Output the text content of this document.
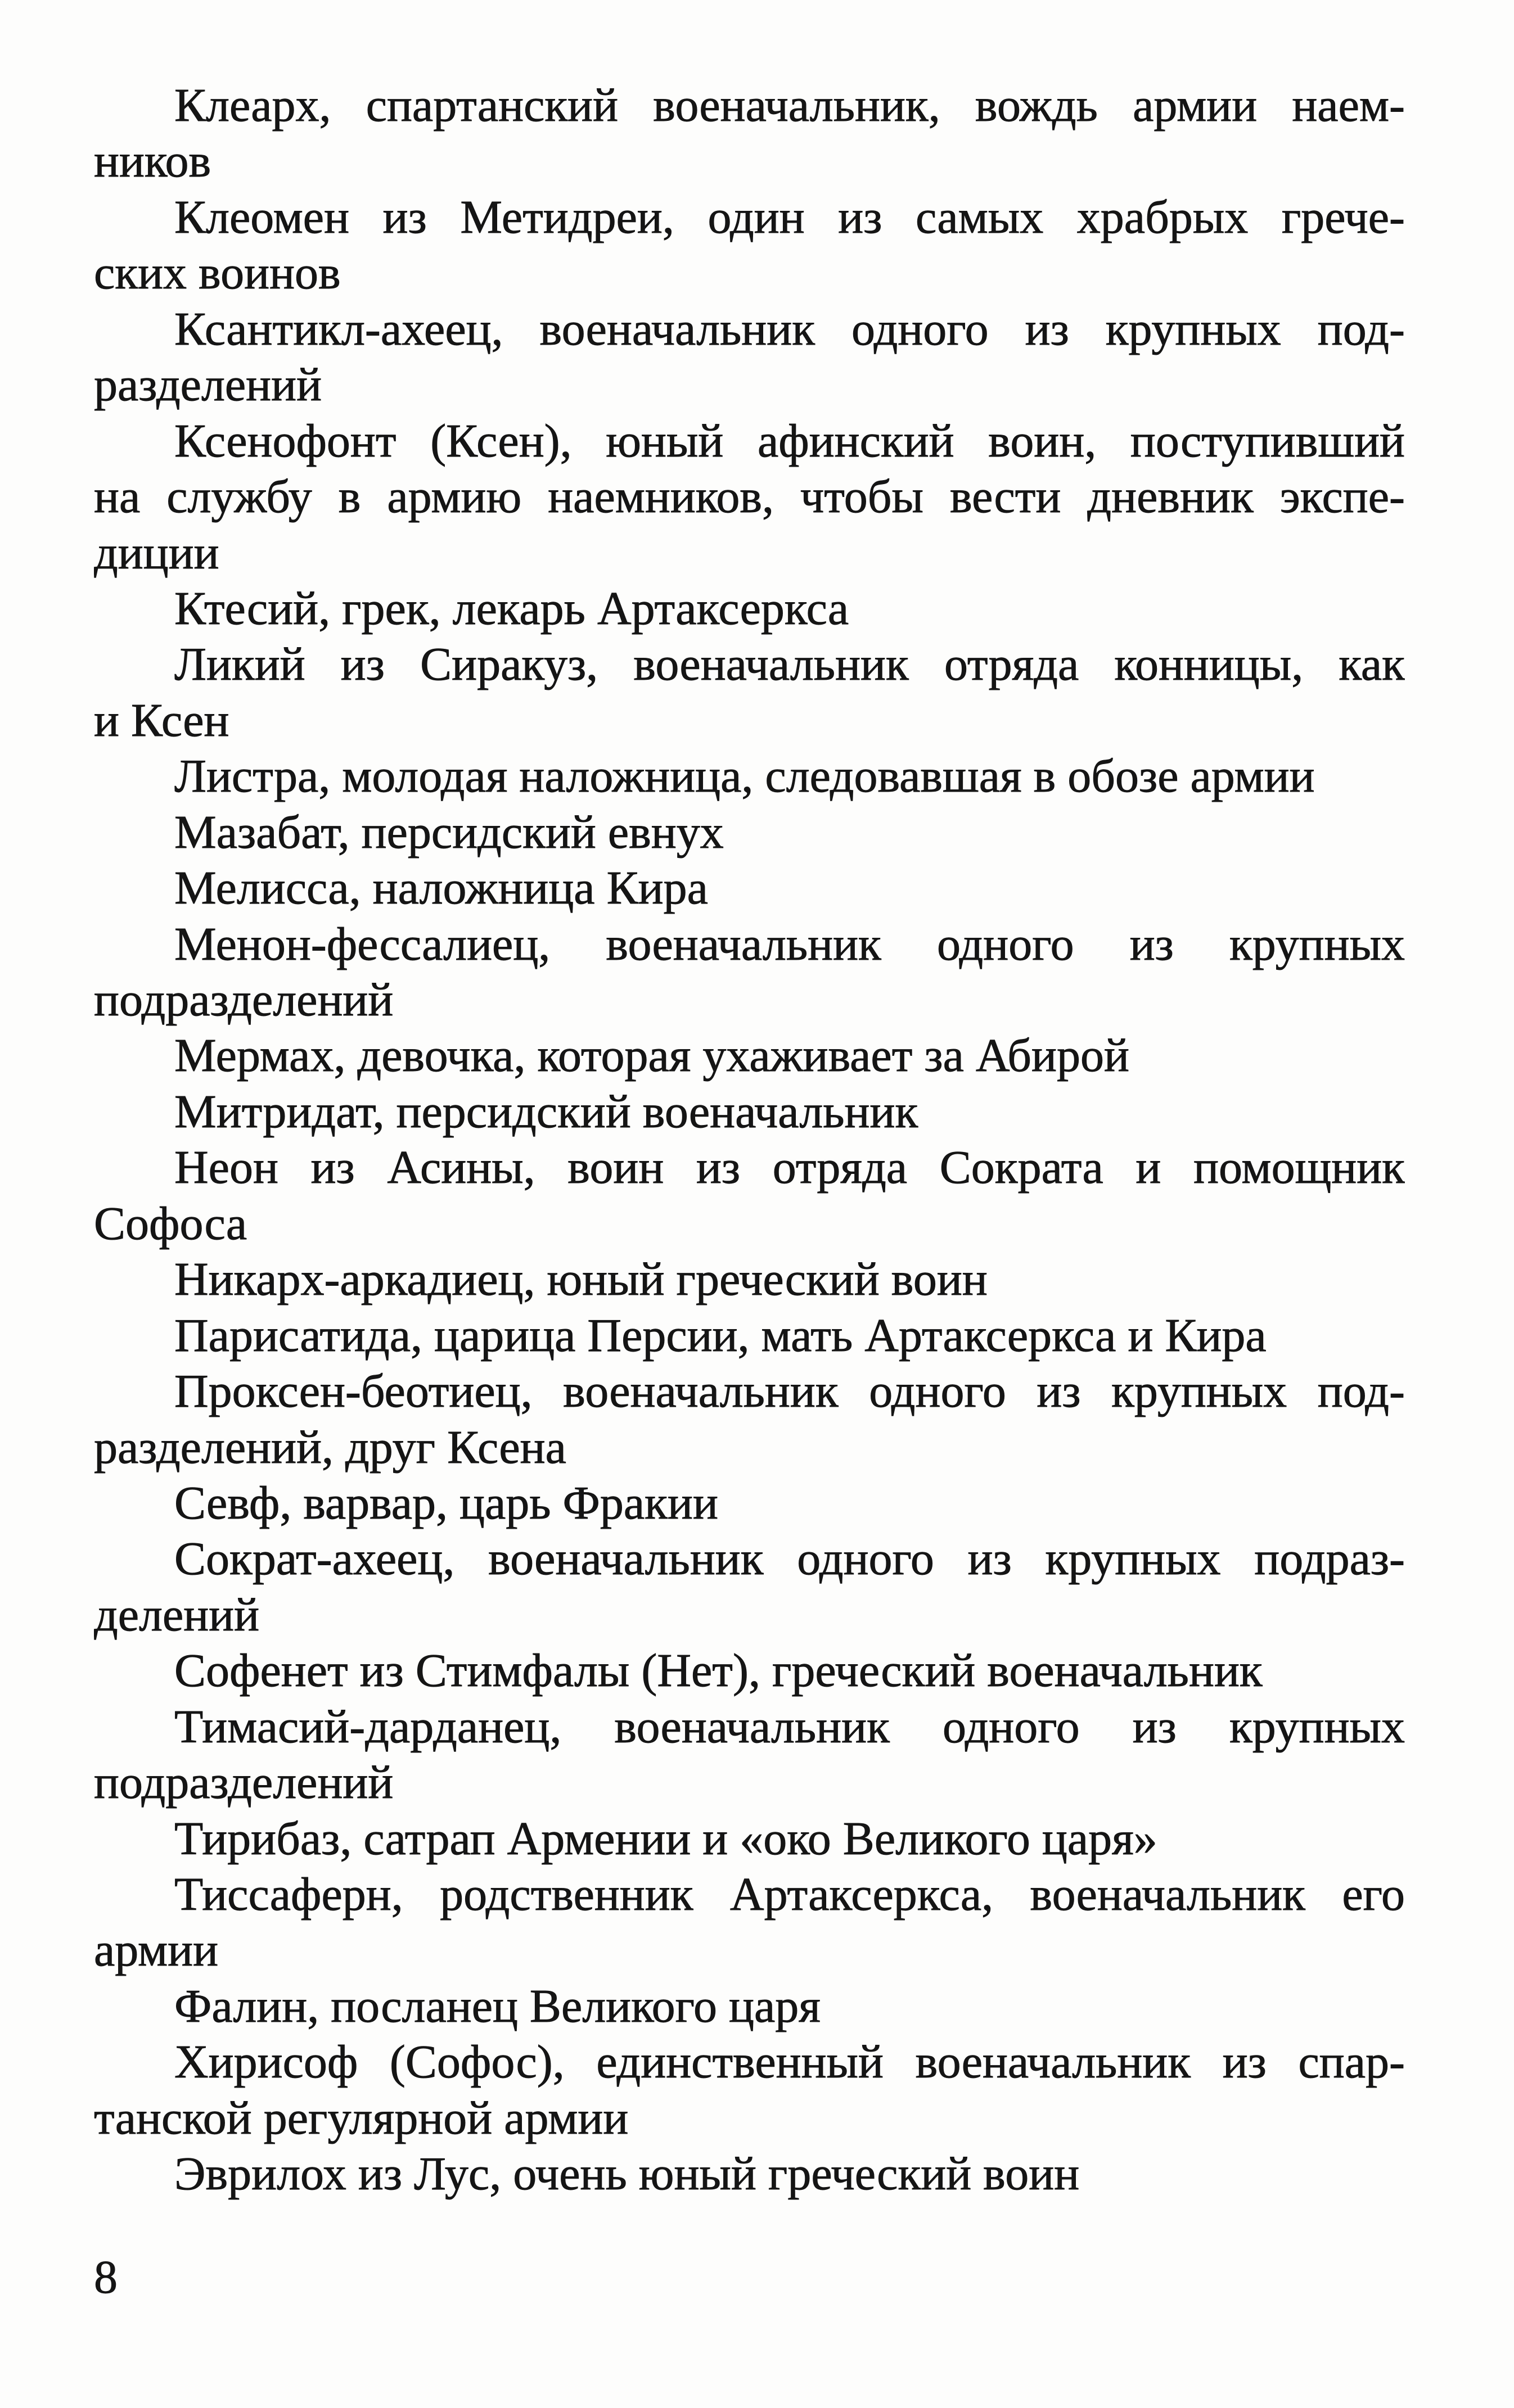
Клеарх, спартанский военачальник, вождь армии наем-
ников
Клеомен из Метидреи, один из самых храбрых грече-
ских воинов
Ксантикл-ахеец, военачальник одного из крупных под-
разделений
Ксенофонт (Ксен), юный афинский воин, поступивший
на службу в армию наемников, чтобы вести дневник экспе-
диции
Ктесий, грек, лекарь Артаксеркса
Ликий из Сиракуз, военачальник отряда конницы, как
и Ксен
Листра, молодая наложница, следовавшая в обозе армии
Мазабат, персидский евнух
Мелисса, наложница Кира
Менон-фессалиец, военачальник одного из крупных
подразделений
Мермах, девочка, которая ухаживает за Абирой
Митридат, персидский военачальник
Неон из Асины, воин из отряда Сократа и помощник
Софоса
Никарх-аркадиец, юный греческий воин
Парисатида, царица Персии, мать Артаксеркса и Кира
Проксен-беотиец, военачальник одного из крупных под-
разделений, друг Ксена
Севф, варвар, царь Фракии
Сократ-ахеец, военачальник одного из крупных подраз-
делений
Софенет из Стимфалы (Нет), греческий военачальник
Тимасий-дарданец, военачальник одного из крупных
подразделений
Тирибаз, сатрап Армении и «око Великого царя»
Тиссаферн, родственник Артаксеркса, военачальник его
армии
Фалин, посланец Великого царя
Хирисоф (Софос), единственный военачальник из спар-
танской регулярной армии
Эврилох из Лус, очень юный греческий воин
8
